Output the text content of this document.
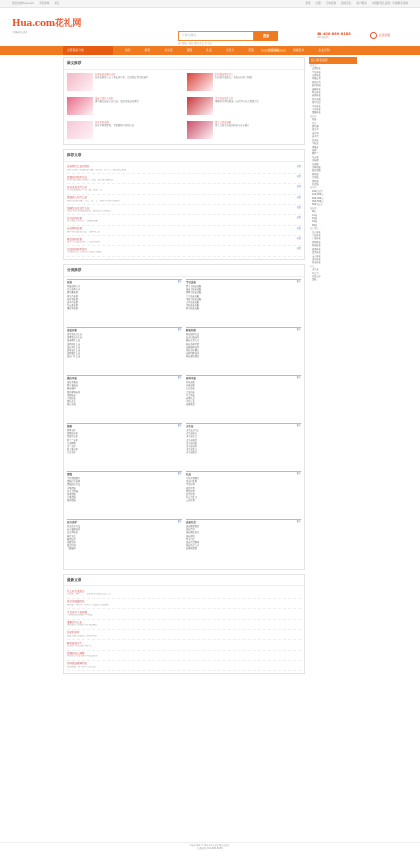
欢迎来到Hua.com 手机商城 花礼	登录 注册 订单查询 我的花礼 客户服务 中国鲜花礼品网 · 中国鲜花速递
Hua.com花礼网
中国鲜花礼品网
订单/关键词	搜索
热门搜索: 鲜花 蛋糕 礼品 永生花
☎ 400-889-8188
24小时热线
在线客服
全部商品分类	首页	鲜花	永生花	蛋糕	礼品	巧克力	花篮	送花攻略	绿植花卉	企业订购
图文推荐
长寿花的花语与养护
长寿花象征大吉大利长命百岁，是送给长辈的好选择
红玫瑰花语是什么
红玫瑰代表热恋，希望与你泥土相融
母亲节送什么花好
康乃馨是母亲节的首选，表达对母亲的感恩
生日送花送什么好
根据对方喜好挑选，向日葵与百合都很合适
满天星的花语
满天星象征配角，甘愿做绿叶衬托红花
情人节送花攻略
情人节最受欢迎的鲜花与花束推荐
推荐文章
送老师什么花比较好
教师节送花一般选择康乃馨、向日葵、百合等，寓意师恩难忘
查看
玫瑰花的养护方法
鲜切玫瑰需要每天换水，剪根，放在阴凉通风处
查看
开业送花送什么好
开业送花篮寓意生意兴隆，财源广进
查看
探望病人送什么花
探病可送康乃馨、百合、剑兰等，寄托早日康复的祝福
查看
结婚纪念日送什么花
纪念日送红玫瑰表达深情，数量也有不同寓意
查看
百合花的花语
百合象征百年好合、纯洁和高雅
查看
向日葵的花语
向日葵代表沉默的爱、忠诚与信念
查看
郁金香的花语
郁金香代表爱的表白、荣誉与祝福
查看
水仙花的养护技巧
水仙花喜光，养护时注意温度与换水
查看
分类推荐
花语	更多
玫瑰花语大全
百合花语大全
康乃馨花语
郁金香花语
向日葵花语
满天星花语
勿忘我花语
薰衣草花语
节日送花	更多
情人节送花攻略
母亲节送花攻略
教师节送花攻略
七夕送花攻略
圣诞节送花攻略
元旦送花攻略
中秋送花攻略
春节送花攻略
送花对象	更多
送女朋友什么花
送男朋友什么花
送老师什么花
送妈妈什么花
送长辈什么花
送朋友什么花
送同事什么花
送客户什么花
鲜花知识	更多
鲜花保鲜方法
花束包装技巧
插花艺术入门
鲜花品种介绍
花瓶选择技巧
切花养护要点
花材搭配技巧
鲜花颜色寓意
婚庆用花	更多
新娘手捧花
婚车装饰花
胸花选择
婚礼现场布置
求婚送花
订婚送花
婚礼花艺
婚房布置
商务用花	更多
开业花篮
庆典花篮
乔迁送花
会议用花
年会用花
商务礼品
企业订花
花篮寓意
绿植	更多
绿萝养护
发财树养护
富贵竹养护
君子兰养护
多肉植物
吊兰养护
仙人掌养护
芦荟养护
永生花	更多
永生花是什么
永生花保存
永生花礼盒
永生花寓意
永生花价格
永生花制作
永生花优点
永生花推荐
蛋糕	更多
生日蛋糕推荐
蛋糕尺寸选择
蛋糕保存方法
水果蛋糕
巧克力蛋糕
慕斯蛋糕
儿童蛋糕
祝寿蛋糕
礼品	更多
生日礼物推荐
纪念日礼物
毕业礼物
创意礼物
情侣礼物
长辈礼物
巧克力礼盒
公仔礼物
花卉养护	更多
盆栽浇水方法
花卉施肥技巧
病虫害防治
换盆方法
修剪技巧
光照需求
温度控制
土壤选择
送花礼仪	更多
送花数量寓意
送花禁忌
送花颜色讲究
送花时机
贺卡写法
送花注意事项
送花礼仪大全
花语祝福语
最新文章
什么花代表思念
勿忘我、紫罗兰、三色堇都可以表达思念之情
适合送闺蜜的花
粉玫瑰、向日葵、满天星等都很适合送闺蜜
生日送多少朵玫瑰
不同数量的玫瑰有不同寓意
道歉送什么花
黄玫瑰与白玫瑰常用于表达歉意
送花的讲究
送花需要注意数量、颜色与场合
鲜花能放多久
鲜切花一般可保持5到7天
玫瑰花怎么保鲜
斜剪花茎并每天换水可延长花期
如何挑选新鲜的花
观察花瓣、花茎与叶片的状态
热门鲜花推荐
按用途
爱情鲜花
生日鲜花
友情鲜花
问候长辈
祝福庆贺
慰问探望
道歉鲜花
婚庆鲜花
商务鲜花
开业花篮
周年纪念
毕业鲜花
节日鲜花
感谢鲜花
按花材
玫瑰
百合
康乃馨
郁金香
向日葵
满天星
扶郎花
马蹄莲
绣球花
桔梗
紫罗兰
勿忘我
洋桔梗
非洲菊
香槟玫瑰
蓝色妖姬
粉玫瑰
白玫瑰
黄玫瑰
红玫瑰
按价格
100元以下
100-200元
200-300元
300-500元
500元以上
按枝数
9枝
11枝
19枝
33枝
99枝
热门城市
北京鲜花
上海鲜花
广州鲜花
深圳鲜花
杭州鲜花
成都鲜花
武汉鲜花
南京鲜花
重庆鲜花
西安鲜花
礼品
永生花
巧克力
毛绒公仔
蛋糕
Copyright © Hua.com 花礼网 版权所有
客服热线 400-889-8188
